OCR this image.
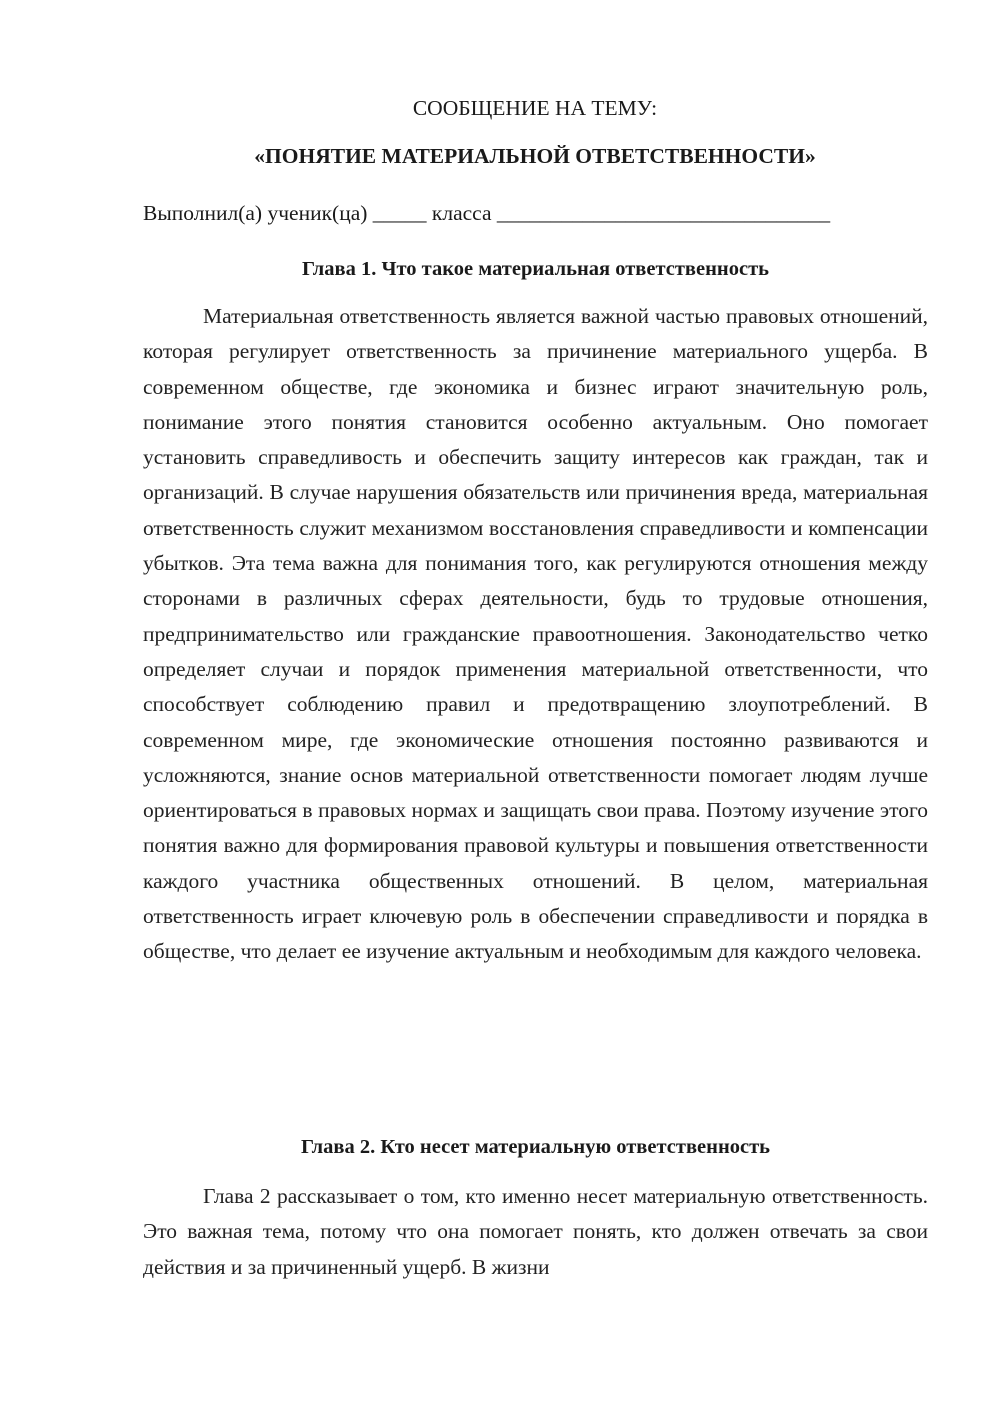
СООБЩЕНИЕ НА ТЕМУ:
«ПОНЯТИЕ МАТЕРИАЛЬНОЙ ОТВЕТСТВЕННОСТИ»
Выполнил(а) ученик(ца) _____ класса _______________________________
Глава 1. Что такое материальная ответственность

Материальная ответственность является важной частью правовых отношений, которая регулирует ответственность за причинение материального ущерба. В современном обществе, где экономика и бизнес играют значительную роль, понимание этого понятия становится особенно актуальным. Оно помогает установить справедливость и обеспечить защиту интересов как граждан, так и организаций. В случае нарушения обязательств или причинения вреда, материальная ответственность служит механизмом восстановления справедливости и компенсации убытков. Эта тема важна для понимания того, как регулируются отношения между сторонами в различных сферах деятельности, будь то трудовые отношения, предпринимательство или гражданские правоотношения. Законодательство четко определяет случаи и порядок применения материальной ответственности, что способствует соблюдению правил и предотвращению злоупотреблений. В современном мире, где экономические отношения постоянно развиваются и усложняются, знание основ материальной ответственности помогает людям лучше ориентироваться в правовых нормах и защищать свои права. Поэтому изучение этого понятия важно для формирования правовой культуры и повышения ответственности каждого участника общественных отношений. В целом, материальная ответственность играет ключевую роль в обеспечении справедливости и порядка в обществе, что делает ее изучение актуальным и необходимым для каждого человека.

Глава 2. Кто несет материальную ответственность

Глава 2 рассказывает о том, кто именно несет материальную ответственность. Это важная тема, потому что она помогает понять, кто должен отвечать за свои действия и за причиненный ущерб. В жизни
